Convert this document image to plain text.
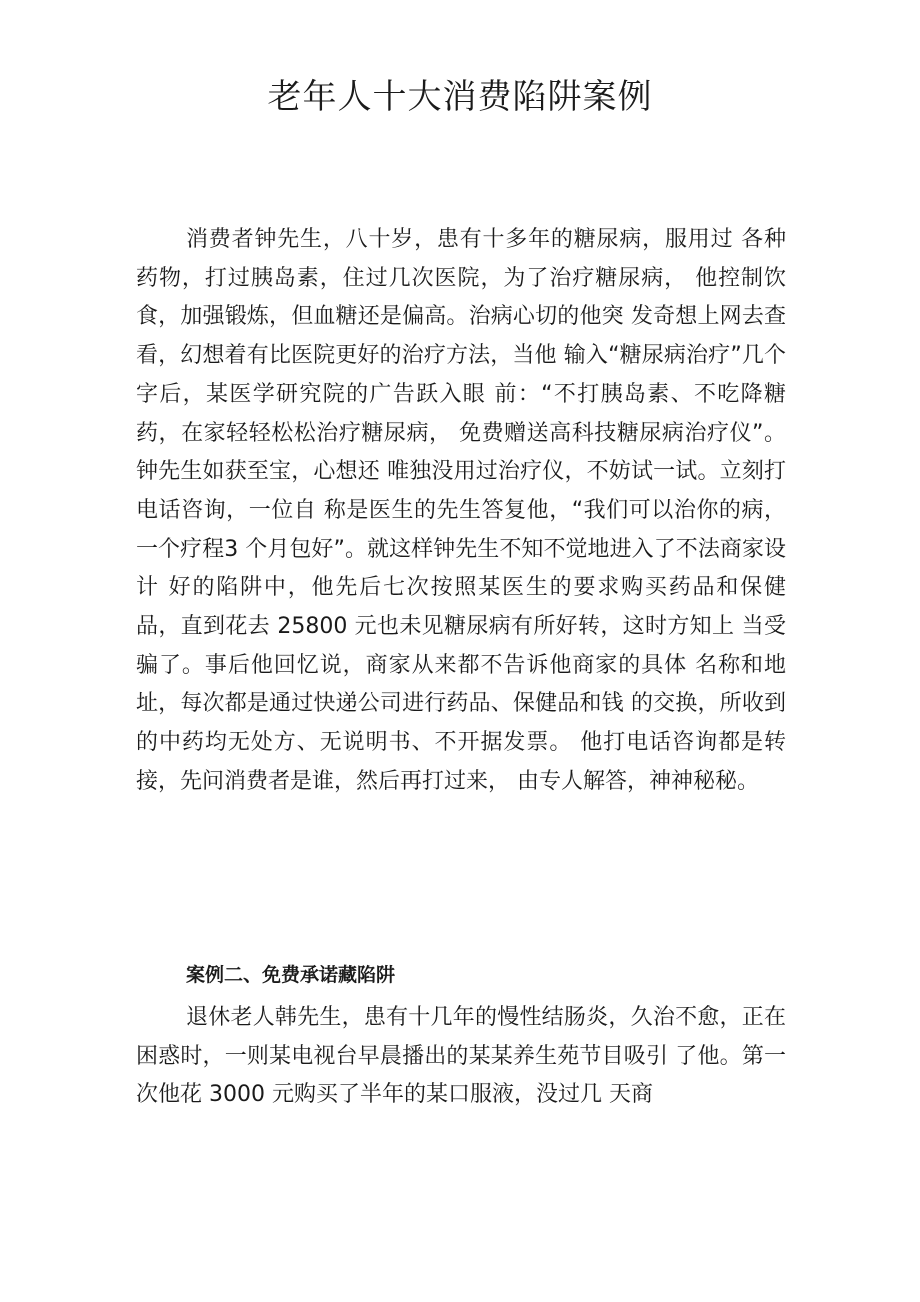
老年人十大消费陷阱案例

消费者钟先生，八十岁，患有十多年的糖尿病，服用过 各种药物，打过胰岛素，住过几次医院，为了治疗糖尿病， 他控制饮食，加强锻炼，但血糖还是偏高。治病心切的他突 发奇想上网去查看，幻想着有比医院更好的治疗方法，当他 输入“糖尿病治疗”几个字后，某医学研究院的广告跃入眼 前：“不打胰岛素、不吃降糖药，在家轻轻松松治疗糖尿病， 免费赠送高科技糖尿病治疗仪”。钟先生如获至宝，心想还 唯独没用过治疗仪，不妨试一试。立刻打电话咨询，一位自 称是医生的先生答复他，“我们可以治你的病，一个疗程3 个月包好”。就这样钟先生不知不觉地进入了不法商家设计 好的陷阱中，他先后七次按照某医生的要求购买药品和保健 品，直到花去 25800 元也未见糖尿病有所好转，这时方知上 当受骗了。事后他回忆说，商家从来都不告诉他商家的具体 名称和地址，每次都是通过快递公司进行药品、保健品和钱 的交换，所收到的中药均无处方、无说明书、不开据发票。 他打电话咨询都是转接，先问消费者是谁，然后再打过来， 由专人解答，神神秘秘。

案例二、免费承诺藏陷阱

退休老人韩先生，患有十几年的慢性结肠炎，久治不愈，正在困惑时，一则某电视台早晨播出的某某养生苑节目吸引 了他。第一次他花 3000 元购买了半年的某口服液，没过几 天商
